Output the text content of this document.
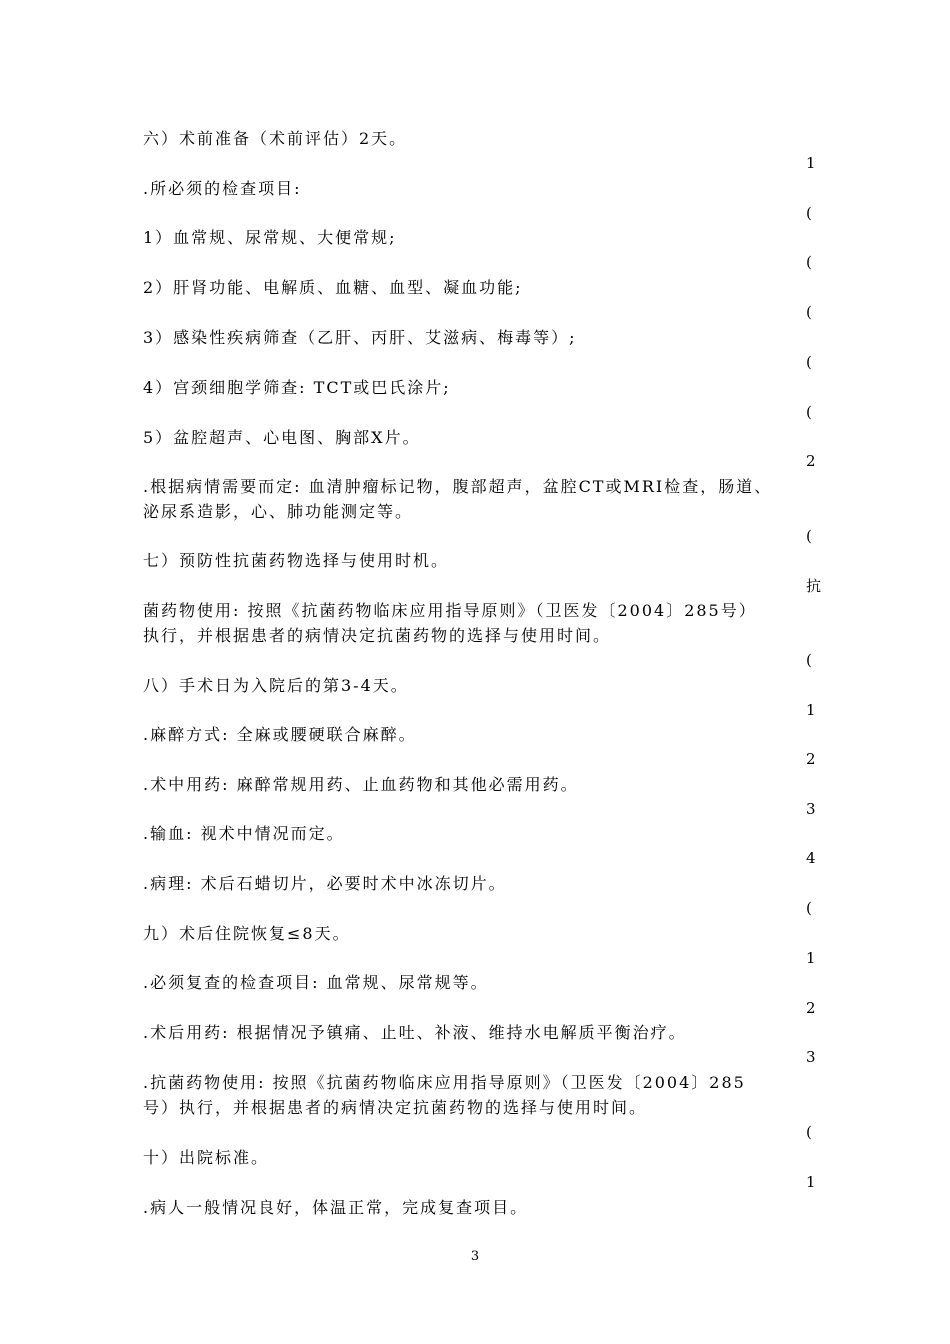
六）术前准备（术前评估）2天。
.所必须的检查项目:
1）血常规、尿常规、大便常规;
2）肝肾功能、电解质、血糖、血型、凝血功能;
3）感染性疾病筛查（乙肝、丙肝、艾滋病、梅毒等）;
4）宫颈细胞学筛查: TCT或巴氏涂片;
5）盆腔超声、心电图、胸部X片。
.根据病情需要而定: 血清肿瘤标记物，腹部超声，盆腔CT或MRI检查，肠道、
泌尿系造影，心、肺功能测定等。
七）预防性抗菌药物选择与使用时机。
菌药物使用: 按照《抗菌药物临床应用指导原则》（卫医发〔2004〕285号）
执行，并根据患者的病情决定抗菌药物的选择与使用时间。
八）手术日为入院后的第3-4天。
.麻醉方式: 全麻或腰硬联合麻醉。
.术中用药: 麻醉常规用药、止血药物和其他必需用药。
.输血: 视术中情况而定。
.病理: 术后石蜡切片，必要时术中冰冻切片。
九）术后住院恢复≤8天。
.必须复查的检查项目: 血常规、尿常规等。
.术后用药: 根据情况予镇痛、止吐、补液、维持水电解质平衡治疗。
.抗菌药物使用: 按照《抗菌药物临床应用指导原则》（卫医发〔2004〕285
号）执行，并根据患者的病情决定抗菌药物的选择与使用时间。
十）出院标准。
.病人一般情况良好，体温正常，完成复查项目。
1
(
(
(
(
(
2
(
抗
(
1
2
3
4
(
1
2
3
(
1
3
